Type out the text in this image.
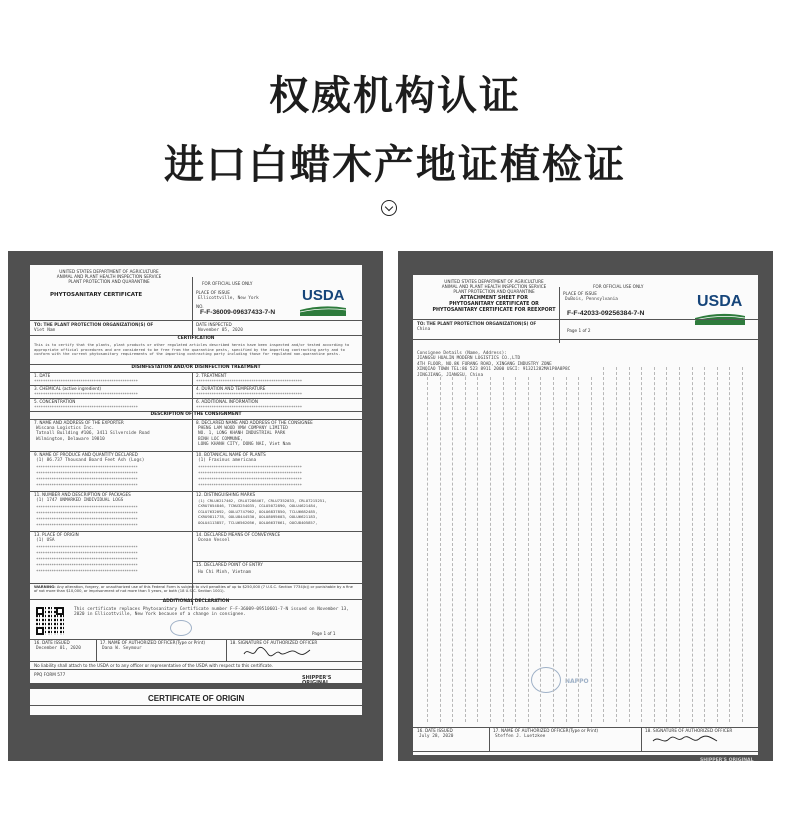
权威机构认证
进口白蜡木产地证植检证
UNITED STATES DEPARTMENT OF AGRICULTURE
ANIMAL AND PLANT HEALTH INSPECTION SERVICE
PLANT PROTECTION AND QUARANTINE	FOR OFFICIAL USE ONLY
PHYTOSANITARY CERTIFICATE	PLACE OF ISSUE
Ellicottville, New York
NO.
F-F-36009-09637433-7-N
USDA
TO: THE PLANT PROTECTION ORGANIZATION(S) OF
Viet Nam
DATE INSPECTED
November 05, 2020
CERTIFICATION
This is to certify that the plants, plant products or other regulated articles described herein have been inspected and/or tested according to appropriate official procedures and are considered to be free from the quarantine pests, specified by the importing contracting party and to conform with the current phytosanitary requirements of the importing contracting party including those for regulated non-quarantine pests.
DISINFESTATION AND/OR DISINFECTION TREATMENT
1. DATE
***********************************************
2. TREATMENT
************************************************
3. CHEMICAL (active ingredient)
***********************************************
4. DURATION AND TEMPERATURE
************************************************
5. CONCENTRATION
***********************************************
6. ADDITIONAL INFORMATION
************************************************
DESCRIPTION OF THE CONSIGNMENT
7. NAME AND ADDRESS OF THE EXPORTER
Wiscana Logistics Inc.
Tatnall Building #106, 3411 Silverside Road
Wilmington, Delaware 19810
8. DECLARED NAME AND ADDRESS OF THE CONSIGNEE
PHENG LAM WOOD VMW COMPANY LIMITED
NO. 1, LONG KHANH INDUSTRIAL PARK
BINH LOC COMMUNE,
LONG KHANH CITY, DONG NAI, Viet Nam
9. NAME OF PRODUCE AND QUANTITY DECLARED
(1) 86.737 Thousand Board Feet Ash (Logs)
**********************************************
**********************************************
**********************************************
**********************************************
10. BOTANICAL NAME OF PLANTS
(1) Fraxinus americana
***********************************************
***********************************************
***********************************************
***********************************************
11. NUMBER AND DESCRIPTION OF PACKAGES
(1) 1747 UNMARKED INDIVIDUAL LOGS
**********************************************
**********************************************
**********************************************
**********************************************
12. DISTINGUISHING MARKS
(1) CRLU6217462, CRLU7286467, CRLU7352033, CRLU7215251,
CXRU7054846, TCNU3254035, CGLU5072890, OOLU4621484,
CGLU7632092, OOLU7747962, OOLU6837850, TCLU6682485,
CXRU9811778, OOLU8444530, OOLU8095603, OOLU6621183,
OOLU4113857, TCLU6562056, OOLU6637661, OOCU8405857,
13. PLACE OF ORIGIN
(1) USA
**********************************************
**********************************************
**********************************************
**********************************************
**********************************************
14. DECLARED MEANS OF CONVEYANCE
Ocean Vessel
15. DECLARED POINT OF ENTRY
Ho Chi Minh, Vietnam
WARNING: Any alteration, forgery, or unauthorized use of this Federal Form is subject to civil penalties of up to $250,000 (7 U.S.C. Section 7734(b)) or punishable by a fine of not more than $10,000, or imprisonment of not more than 5 years, or both (18 U.S.C. Section 1001).
ADDITIONAL DECLARATION
This certificate replaces Phytosanitary Certificate number F-F-36009-09510601-7-N issued on November 13, 2020 in Ellicottville, New York because of a change in consignee.
Page 1 of 1
16. DATE ISSUED
December 01, 2020
17. NAME OF AUTHORIZED OFFICER(Type or Print)
Dana W. Seymour
18. SIGNATURE OF AUTHORIZED OFFICER
No liability shall attach to the USDA or to any officer or representative of the USDA with respect to this certificate.
PPQ FORM 577
SHIPPER'S
CERTIFICATE OF ORIGIN
UNITED STATES DEPARTMENT OF AGRICULTURE
ANIMAL AND PLANT HEALTH INSPECTION SERVICE
PLANT PROTECTION AND QUARANTINE
FOR OFFICIAL USE ONLY
ATTACHMENT SHEET FOR
PHYTOSANITARY CERTIFICATE OR
PHYTOSANITARY CERTIFICATE FOR REEXPORT
PLACE OF ISSUE
DuBois, Pennsylvania
F-F-42033-09256384-7-N
USDA
TO: THE PLANT PROTECTION ORGANIZATION(S) OF
China	Page 1 of 2
Consignee Details (Name, Address):
JIANGSU HUALIN MODERN LOGISTICS CO.,LTD
4TH FLOOR, NO.8K FURANG ROAD, XINGANG INDUSTRY ZONE
XINQIAO TOWN TEL:86 523 8911 2000 USCI: 91321282MA1P8A8P8C
JINGJIANG, JIANGSU, China
NAPPO
16. DATE ISSUED
July 28, 2020
17. NAME OF AUTHORIZED OFFICER(Type or Print)
Steffen J. Luetzkee
18. SIGNATURE OF AUTHORIZED OFFICER
SHIPPER'S ORIGINAL
